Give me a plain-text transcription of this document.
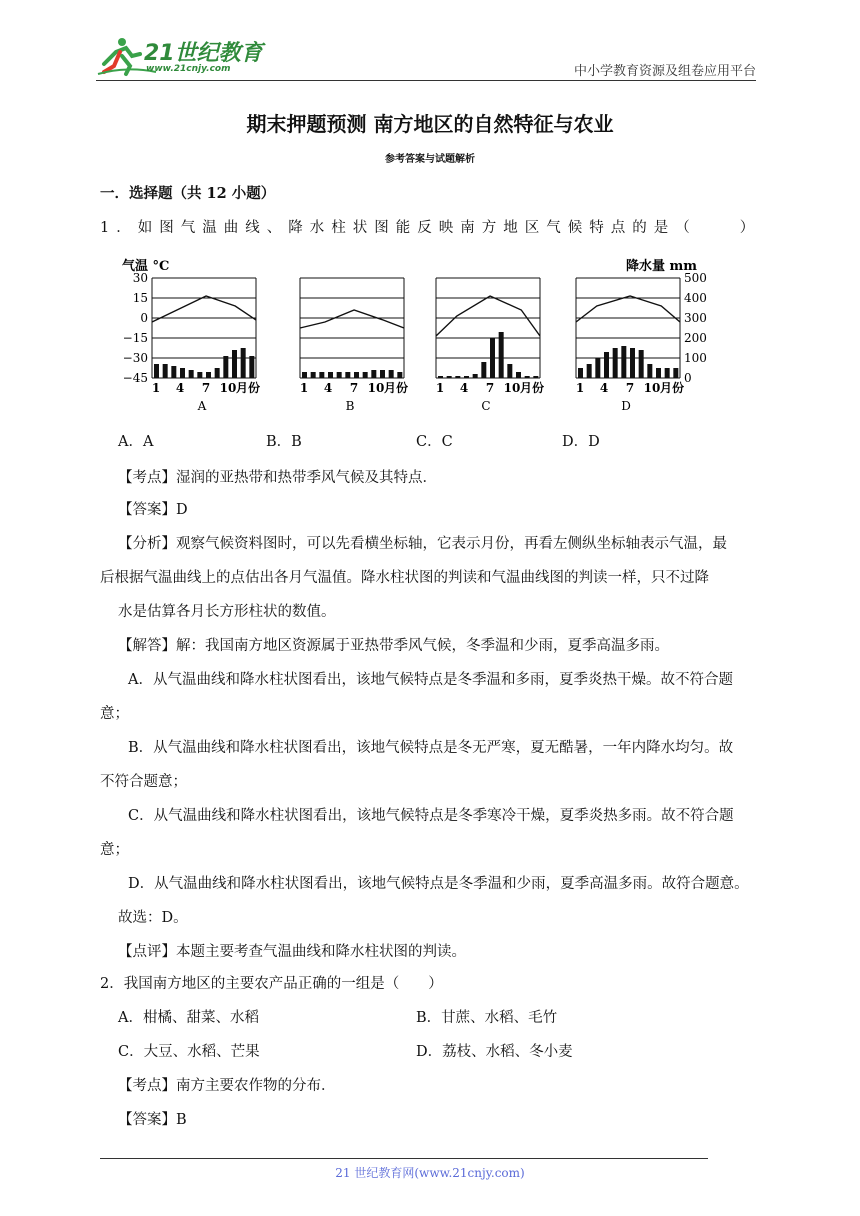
21世纪教育
www.21cnjy.com	中小学教育资源及组卷应用平台
期末押题预测 南方地区的自然特征与农业
参考答案与试题解析
一．选择题（共 12 小题）
1．如图气温曲线、降水柱状图能反映南方地区气候特点的是（　　）
气温 °C	降水量 mm
30
15
0
−15
−30
−45
500
400
300
200
100
0
1 4 7 10 月份
A
1 4 7 10 月份
B
1 4 7 10 月份
C
1 4 7 10 月份
D
A．A	B．B	C．C	D．D
【考点】湿润的亚热带和热带季风气候及其特点．
【答案】D
【分析】观察气候资料图时，可以先看横坐标轴，它表示月份，再看左侧纵坐标轴表示气温，最
后根据气温曲线上的点估出各月气温值。降水柱状图的判读和气温曲线图的判读一样，只不过降
水是估算各月长方形柱状的数值。
【解答】解：我国南方地区资源属于亚热带季风气候，冬季温和少雨，夏季高温多雨。
A．从气温曲线和降水柱状图看出，该地气候特点是冬季温和多雨，夏季炎热干燥。故不符合题
意；
B．从气温曲线和降水柱状图看出，该地气候特点是冬无严寒，夏无酷暑，一年内降水均匀。故
不符合题意；
C．从气温曲线和降水柱状图看出，该地气候特点是冬季寒冷干燥，夏季炎热多雨。故不符合题
意；
D．从气温曲线和降水柱状图看出，该地气候特点是冬季温和少雨，夏季高温多雨。故符合题意。
故选：D。
【点评】本题主要考查气温曲线和降水柱状图的判读。
2．我国南方地区的主要农产品正确的一组是（　　）
A．柑橘、甜菜、水稻	B．甘蔗、水稻、毛竹
C．大豆、水稻、芒果	D．荔枝、水稻、冬小麦
【考点】南方主要农作物的分布．
【答案】B
21 世纪教育网(www.21cnjy.com)
